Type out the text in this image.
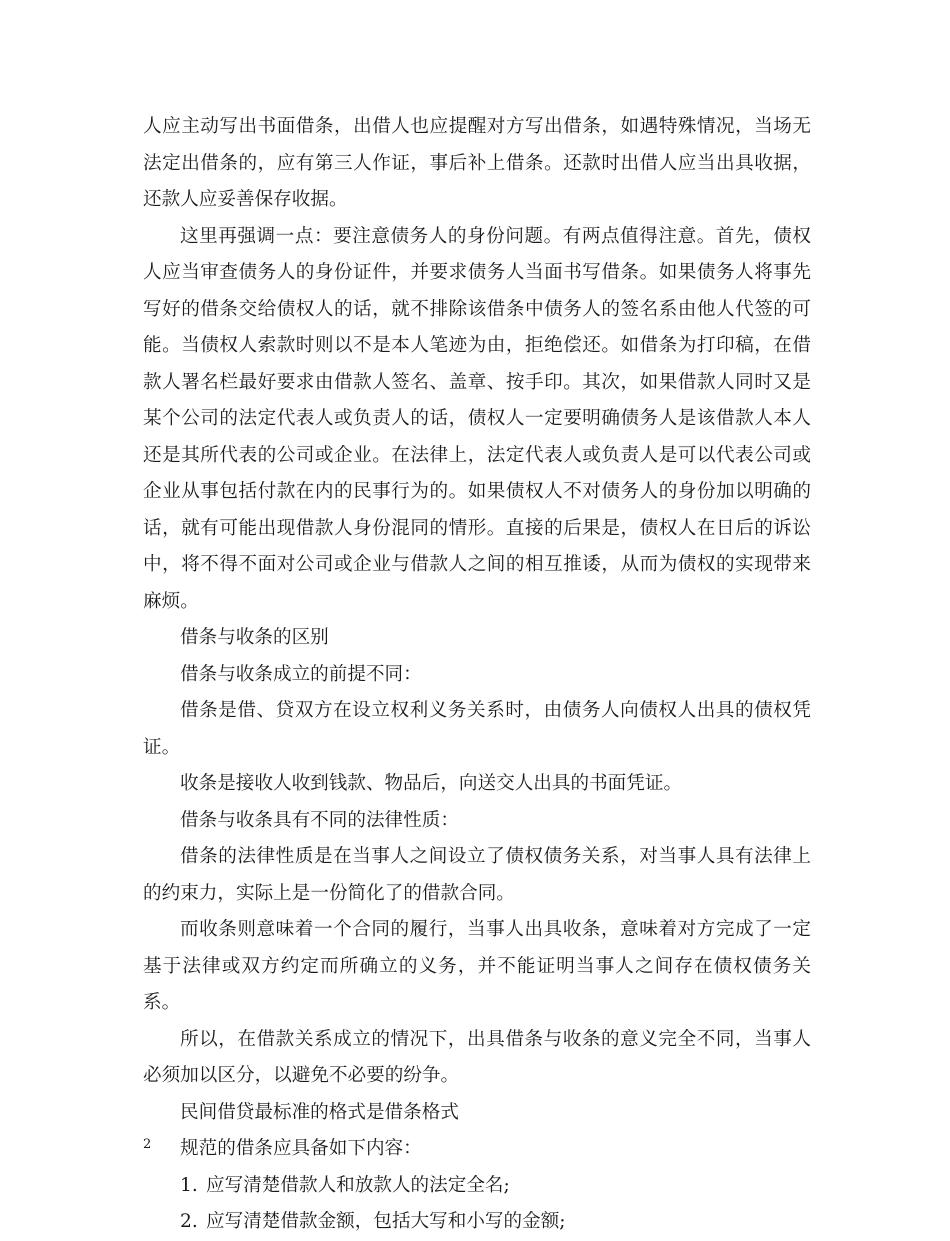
人应主动写出书面借条，出借人也应提醒对方写出借条，如遇特殊情况，当场无法定出借条的，应有第三人作证，事后补上借条。还款时出借人应当出具收据，还款人应妥善保存收据。

这里再强调一点：要注意债务人的身份问题。有两点值得注意。首先，债权人应当审查债务人的身份证件，并要求债务人当面书写借条。如果债务人将事先写好的借条交给债权人的话，就不排除该借条中债务人的签名系由他人代签的可能。当债权人索款时则以不是本人笔迹为由，拒绝偿还。如借条为打印稿，在借款人署名栏最好要求由借款人签名、盖章、按手印。其次，如果借款人同时又是某个公司的法定代表人或负责人的话，债权人一定要明确债务人是该借款人本人还是其所代表的公司或企业。在法律上，法定代表人或负责人是可以代表公司或企业从事包括付款在内的民事行为的。如果债权人不对债务人的身份加以明确的话，就有可能出现借款人身份混同的情形。直接的后果是，债权人在日后的诉讼中，将不得不面对公司或企业与借款人之间的相互推诿，从而为债权的实现带来麻烦。

借条与收条的区别

借条与收条成立的前提不同：

借条是借、贷双方在设立权利义务关系时，由债务人向债权人出具的债权凭证。

收条是接收人收到钱款、物品后，向送交人出具的书面凭证。

借条与收条具有不同的法律性质：

借条的法律性质是在当事人之间设立了债权债务关系，对当事人具有法律上的约束力，实际上是一份简化了的借款合同。

而收条则意味着一个合同的履行，当事人出具收条，意味着对方完成了一定基于法律或双方约定而所确立的义务，并不能证明当事人之间存在债权债务关系。

所以，在借款关系成立的情况下，出具借条与收条的意义完全不同，当事人必须加以区分，以避免不必要的纷争。

民间借贷最标准的格式是借条格式

规范的借条应具备如下内容：

1. 应写清楚借款人和放款人的法定全名;

2. 应写清楚借款金额，包括大写和小写的金额;

2
